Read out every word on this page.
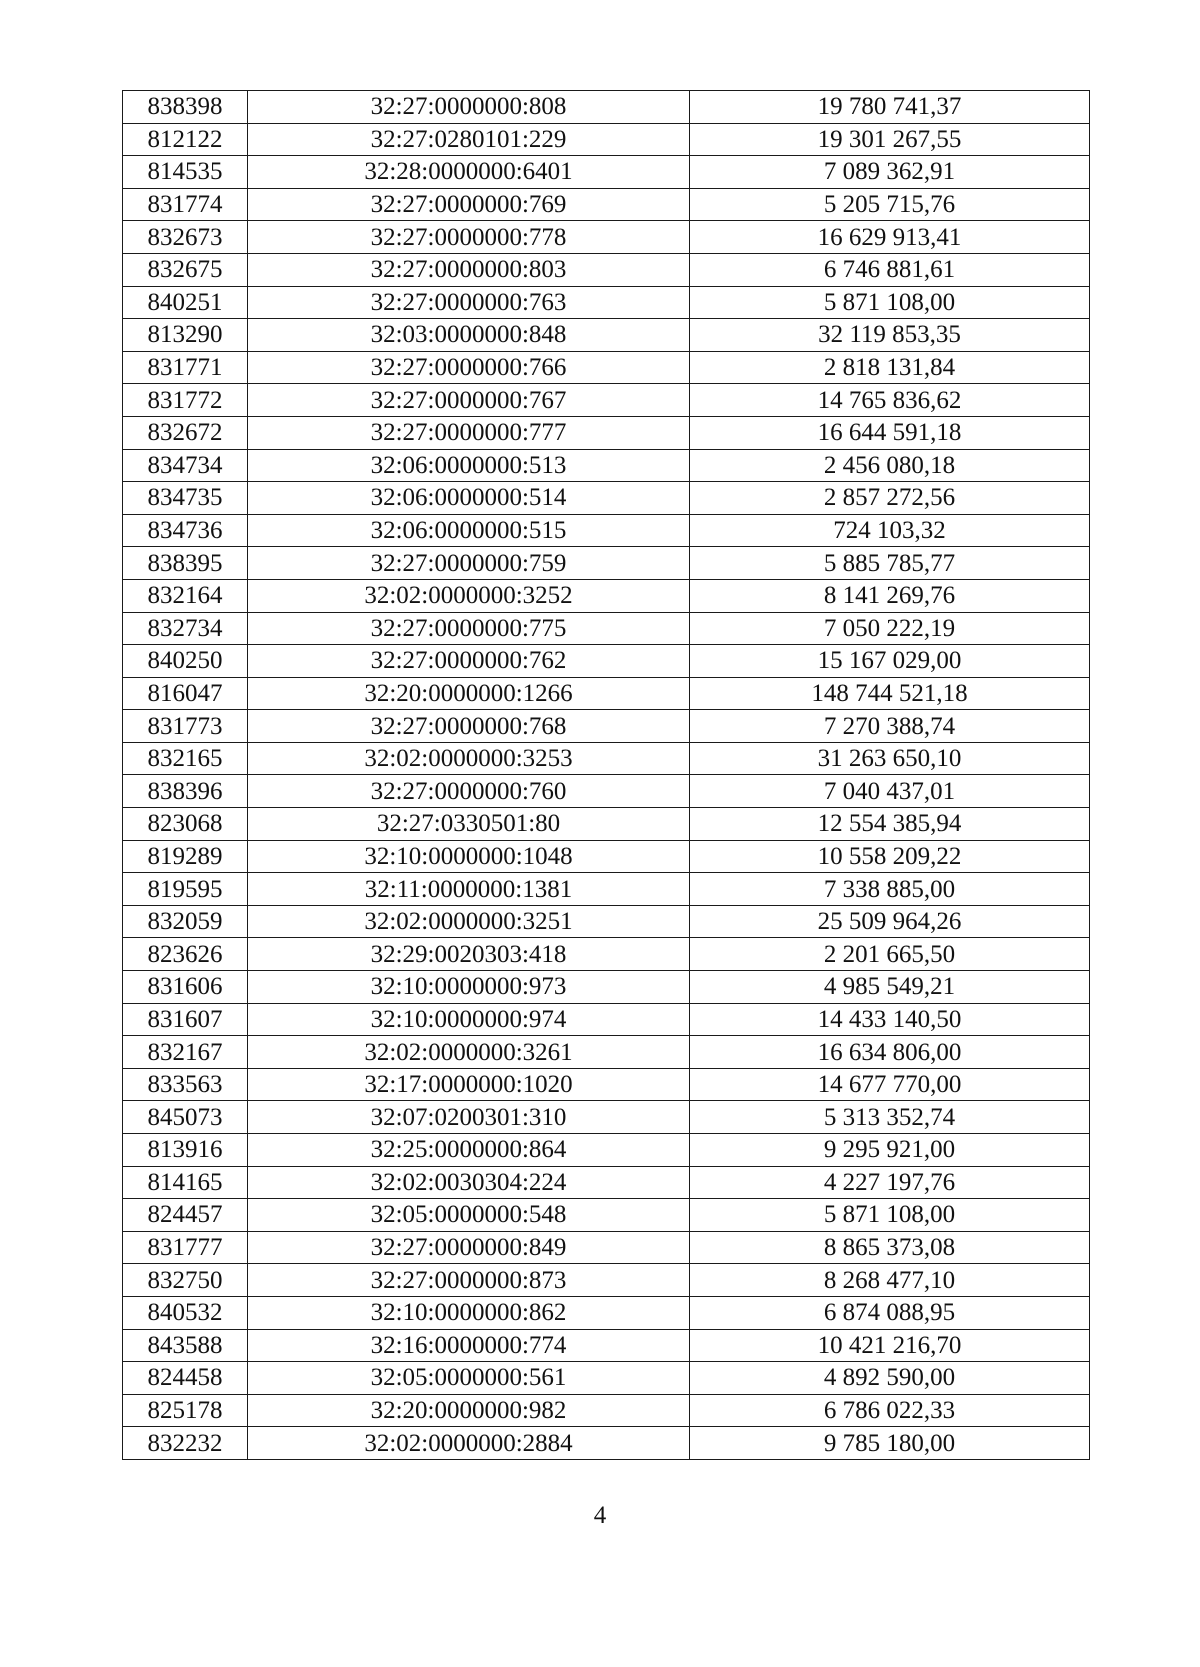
838398	32:27:0000000:808	19 780 741,37
812122	32:27:0280101:229	19 301 267,55
814535	32:28:0000000:6401	7 089 362,91
831774	32:27:0000000:769	5 205 715,76
832673	32:27:0000000:778	16 629 913,41
832675	32:27:0000000:803	6 746 881,61
840251	32:27:0000000:763	5 871 108,00
813290	32:03:0000000:848	32 119 853,35
831771	32:27:0000000:766	2 818 131,84
831772	32:27:0000000:767	14 765 836,62
832672	32:27:0000000:777	16 644 591,18
834734	32:06:0000000:513	2 456 080,18
834735	32:06:0000000:514	2 857 272,56
834736	32:06:0000000:515	724 103,32
838395	32:27:0000000:759	5 885 785,77
832164	32:02:0000000:3252	8 141 269,76
832734	32:27:0000000:775	7 050 222,19
840250	32:27:0000000:762	15 167 029,00
816047	32:20:0000000:1266	148 744 521,18
831773	32:27:0000000:768	7 270 388,74
832165	32:02:0000000:3253	31 263 650,10
838396	32:27:0000000:760	7 040 437,01
823068	32:27:0330501:80	12 554 385,94
819289	32:10:0000000:1048	10 558 209,22
819595	32:11:0000000:1381	7 338 885,00
832059	32:02:0000000:3251	25 509 964,26
823626	32:29:0020303:418	2 201 665,50
831606	32:10:0000000:973	4 985 549,21
831607	32:10:0000000:974	14 433 140,50
832167	32:02:0000000:3261	16 634 806,00
833563	32:17:0000000:1020	14 677 770,00
845073	32:07:0200301:310	5 313 352,74
813916	32:25:0000000:864	9 295 921,00
814165	32:02:0030304:224	4 227 197,76
824457	32:05:0000000:548	5 871 108,00
831777	32:27:0000000:849	8 865 373,08
832750	32:27:0000000:873	8 268 477,10
840532	32:10:0000000:862	6 874 088,95
843588	32:16:0000000:774	10 421 216,70
824458	32:05:0000000:561	4 892 590,00
825178	32:20:0000000:982	6 786 022,33
832232	32:02:0000000:2884	9 785 180,00
4
